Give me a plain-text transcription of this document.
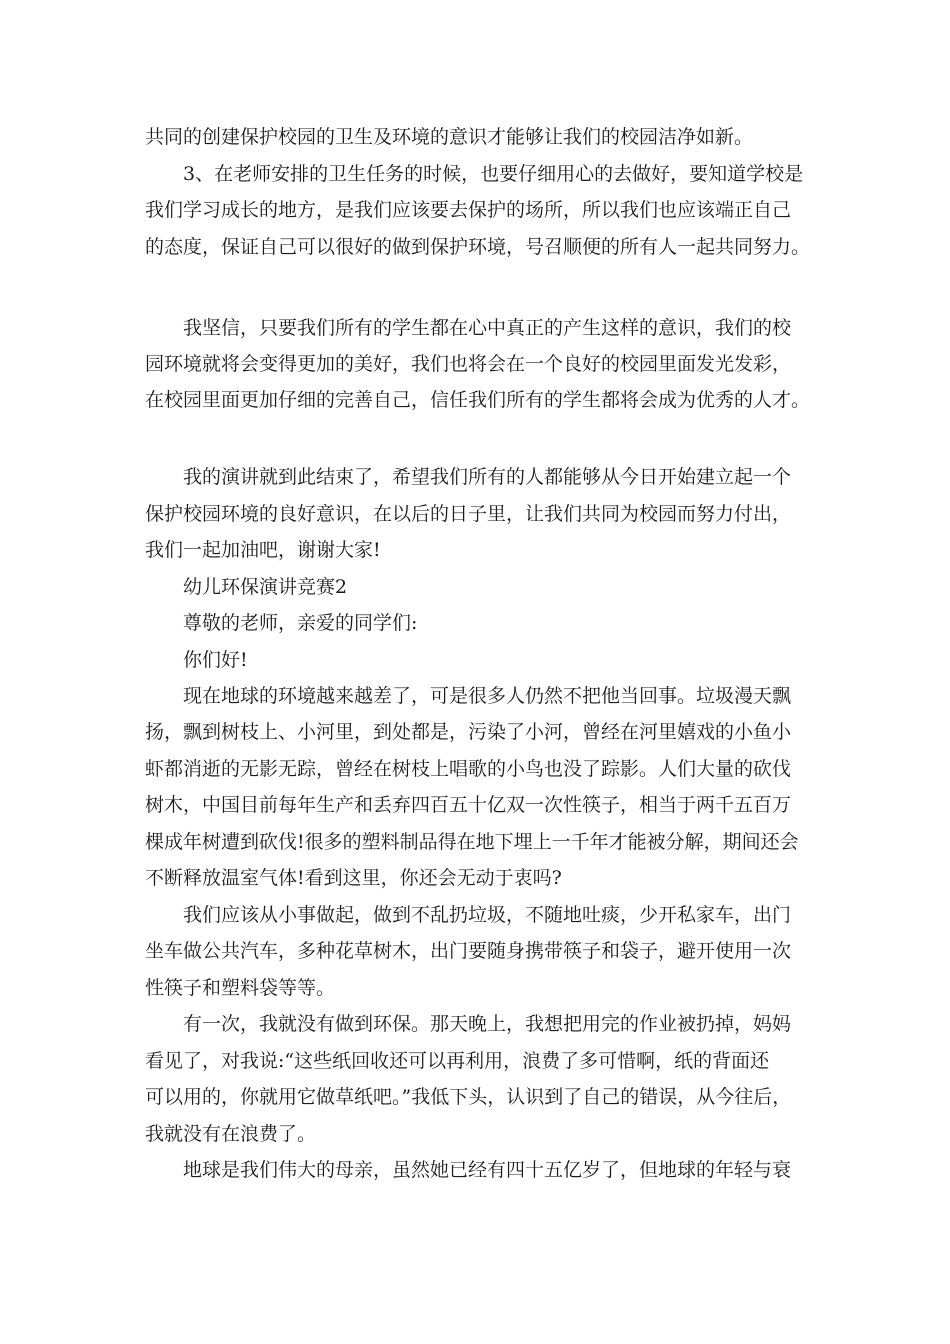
共同的创建保护校园的卫生及环境的意识才能够让我们的校园洁净如新。
3、在老师安排的卫生任务的时候，也要仔细用心的去做好，要知道学校是
我们学习成长的地方，是我们应该要去保护的场所，所以我们也应该端正自己
的态度，保证自己可以很好的做到保护环境，号召顺便的所有人一起共同努力。
我坚信，只要我们所有的学生都在心中真正的产生这样的意识，我们的校
园环境就将会变得更加的美好，我们也将会在一个良好的校园里面发光发彩，
在校园里面更加仔细的完善自己，信任我们所有的学生都将会成为优秀的人才。
我的演讲就到此结束了，希望我们所有的人都能够从今日开始建立起一个
保护校园环境的良好意识，在以后的日子里，让我们共同为校园而努力付出，
我们一起加油吧，谢谢大家!
幼儿环保演讲竞赛2
尊敬的老师，亲爱的同学们:
你们好!
现在地球的环境越来越差了，可是很多人仍然不把他当回事。垃圾漫天飘
扬，飘到树枝上、小河里，到处都是，污染了小河，曾经在河里嬉戏的小鱼小
虾都消逝的无影无踪，曾经在树枝上唱歌的小鸟也没了踪影。人们大量的砍伐
树木，中国目前每年生产和丢弃四百五十亿双一次性筷子，相当于两千五百万
棵成年树遭到砍伐!很多的塑料制品得在地下埋上一千年才能被分解，期间还会
不断释放温室气体!看到这里，你还会无动于衷吗?
我们应该从小事做起，做到不乱扔垃圾，不随地吐痰，少开私家车，出门
坐车做公共汽车，多种花草树木，出门要随身携带筷子和袋子，避开使用一次
性筷子和塑料袋等等。
有一次，我就没有做到环保。那天晚上，我想把用完的作业被扔掉，妈妈
看见了，对我说:“这些纸回收还可以再利用，浪费了多可惜啊，纸的背面还
可以用的，你就用它做草纸吧。”我低下头，认识到了自己的错误，从今往后，
我就没有在浪费了。
地球是我们伟大的母亲，虽然她已经有四十五亿岁了，但地球的年轻与衰
